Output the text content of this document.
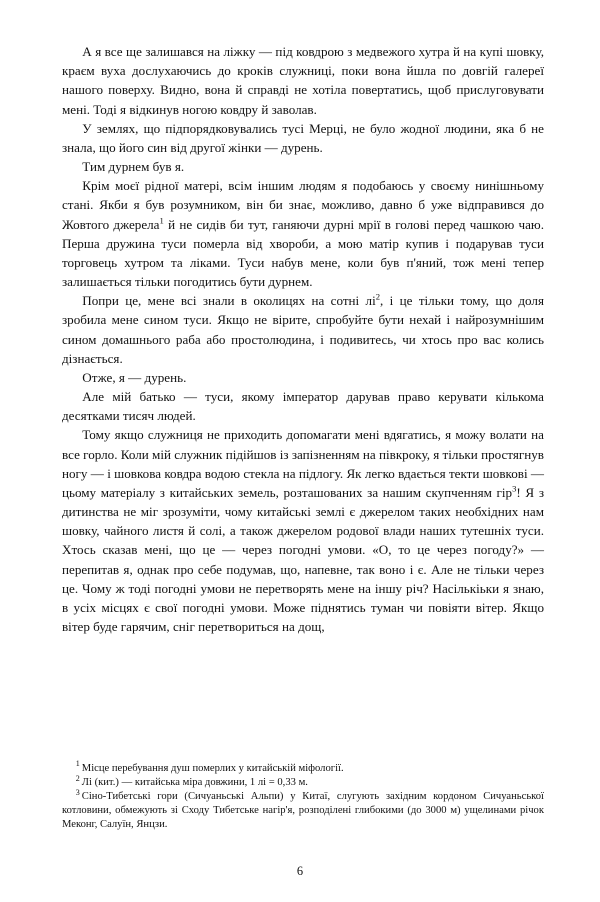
А я все ще залишався на ліжку — під ковдрою з медвежого хутра й на купі шовку, краєм вуха дослухаючись до кроків служниці, поки вона йшла по довгій галереї нашого поверху. Видно, вона й справді не хотіла повертатись, щоб прислуговувати мені. Тоді я відкинув ногою ковдру й заволав.

У землях, що підпорядковувались тусі Мерці, не було жодної людини, яка б не знала, що його син від другої жінки — дурень.

Тим дурнем був я.

Крім моєї рідної матері, всім іншим людям я подобаюсь у своєму нинішньому стані. Якби я був розумником, він би знає, можливо, давно б уже відправився до Жовтого джерела$^1$ й не сидів би тут, ганяючи дурні мрії в голові перед чашкою чаю. Перша дружина туси померла від хвороби, а мою матір купив і подарував туси торговець хутром та ліками. Туси набув мене, коли був п'яний, тож мені тепер залишається тільки погодитись бути дурнем.

Попри це, мене всі знали в околицях на сотні $лі^2$, і це тільки тому, що доля зробила мене сином туси. Якщо не вірите, спробуйте бути нехай і найрозумнішим сином домашнього раба або простолюдина, і подивитесь, чи хтось про вас колись дізнається.

Отже, я — дурень.

Але мій батько — туси, якому імператор дарував право керувати кількома десятками тисяч людей.

Тому якщо служниця не приходить допомагати мені вдягатись, я можу волати на все горло. Коли мій служник підійшов із запізненням на півкроку, я тільки простягнув ногу — і шовкова ковдра водою стекла на підлогу. Як легко вдається текти шовкові — цьому матеріалу з китайських земель, розташованих за нашим скупченням гір$^3$! Я з дитинства не міг зрозуміти, чому китайські землі є джерелом таких необхідних нам шовку, чайного листя й солі, а також джерелом родової влади наших тутешніх туси. Хтось сказав мені, що це — через погодні умови. «О, то це через погоду?» — перепитав я, однак про себе подумав, що, напевне, так воно і є. Але не тільки через це. Чому ж тоді погодні умови не перетворять мене на іншу річ? Насількіьки я знаю, в усіх місцях є свої погодні умови. Може піднятись туман чи повіяти вітер. Якщо вітер буде гарячим, сніг перетвориться на дощ,

$^1$ Місце перебування душ померлих у китайській міфології.

$^2$ Лі (кит.) — китайська міра довжини, 1 лі = 0,33 м.

$^3$ Сіно-Тибетські гори (Сичуаньські Альпи) у Китаї, слугують західним кордоном Сичуаньської котловини, обмежують зі Сходу Тибетське нагір'я, розподілені глибокими (до 3000 м) ущелинами річок Меконг, Салуїн, Янцзи.

6
